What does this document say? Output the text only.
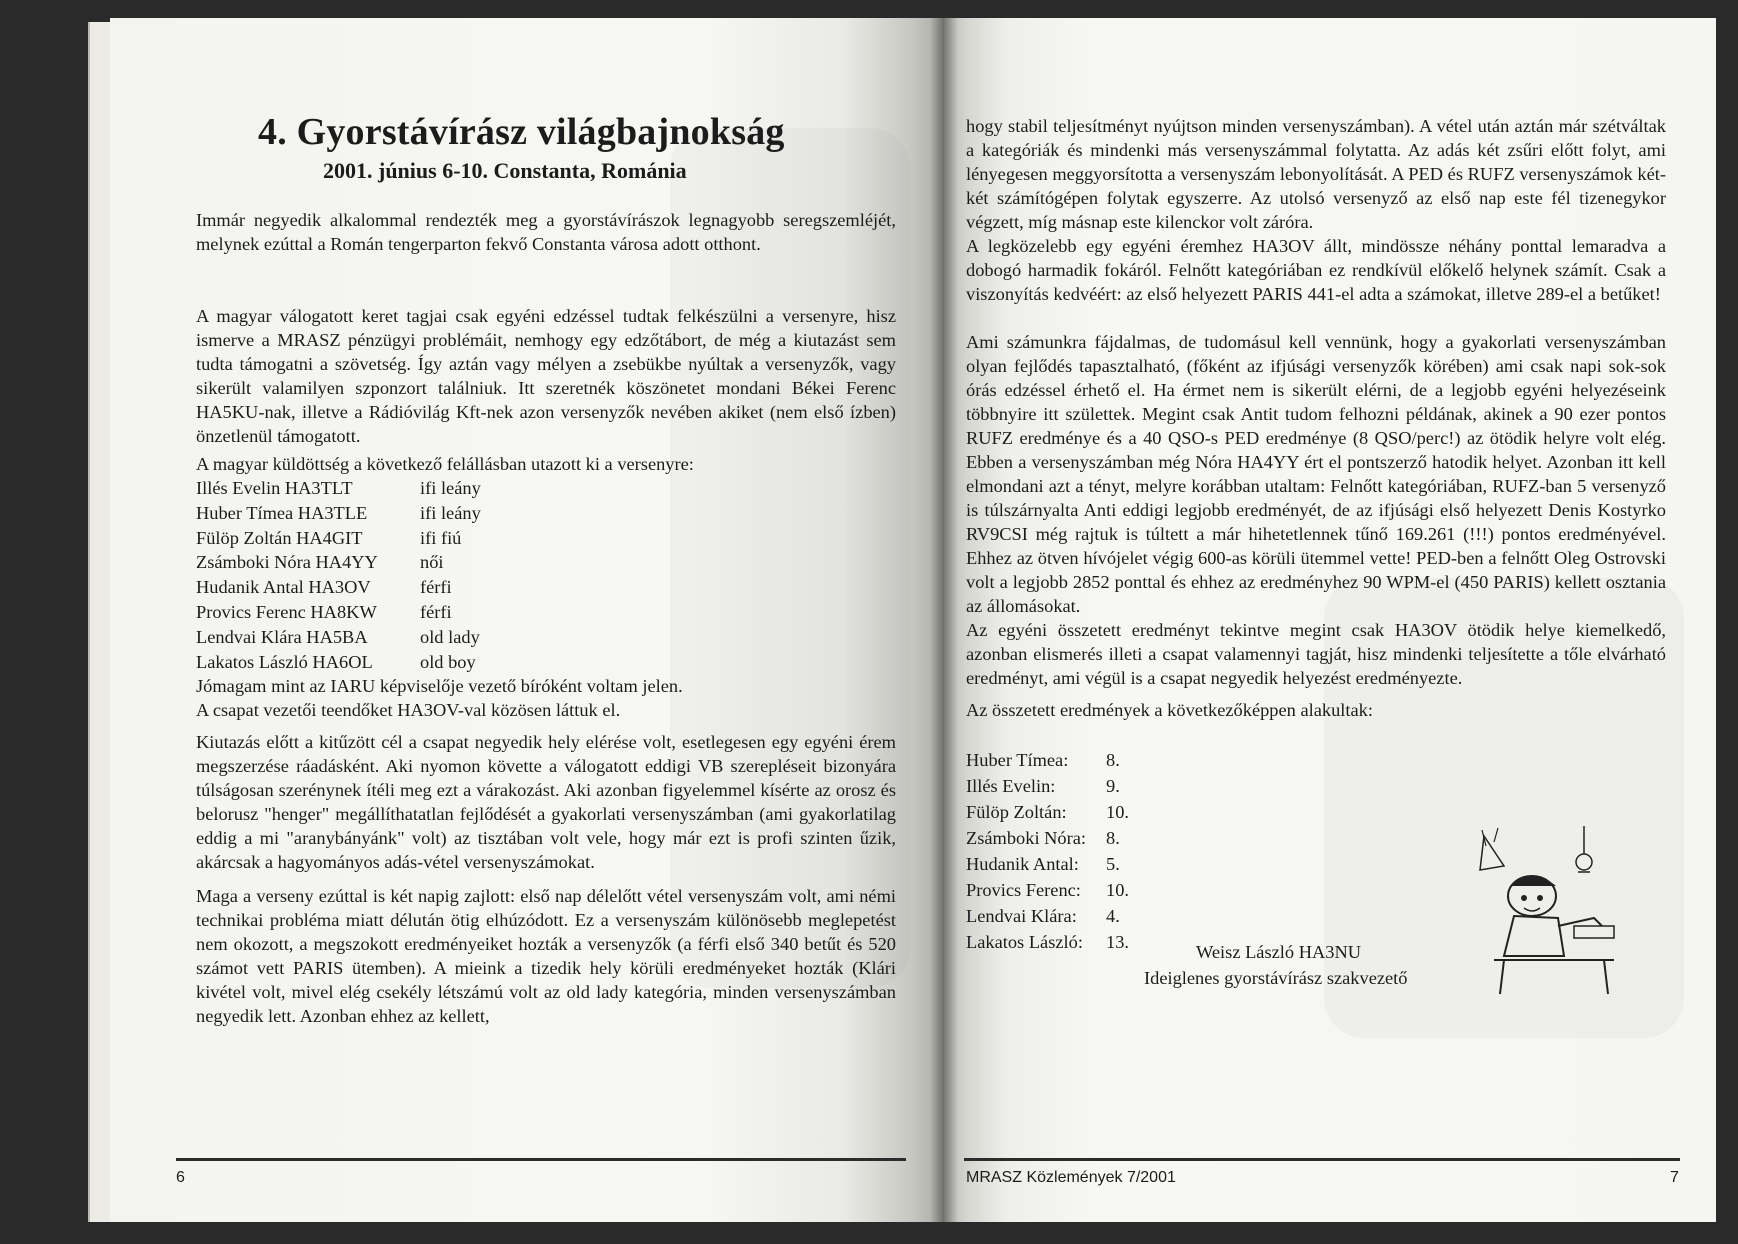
4. Gyorstávírász világbajnokság
2001. június 6-10. Constanta, Románia

Immár negyedik alkalommal rendezték meg a gyorstávírászok legnagyobb seregszemléjét, melynek ezúttal a Román tengerparton fekvő Constanta városa adott otthont.

A magyar válogatott keret tagjai csak egyéni edzéssel tudtak felkészülni a versenyre, hisz ismerve a MRASZ pénzügyi problémáit, nemhogy egy edzőtábort, de még a kiutazást sem tudta támogatni a szövetség. Így aztán vagy mélyen a zsebükbe nyúltak a versenyzők, vagy sikerült valamilyen szponzort találniuk. Itt szeretnék köszönetet mondani Békei Ferenc HA5KU-nak, illetve a Rádióvilág Kft-nek azon versenyzők nevében akiket (nem első ízben) önzetlenül támogatott.

A magyar küldöttség a következő felállásban utazott ki a versenyre:
Illés Evelin HA3TLT	ifi leány
Huber Tímea HA3TLE	ifi leány
Fülöp Zoltán HA4GIT	ifi fiú
Zsámboki Nóra HA4YY női
Hudanik Antal HA3OV	férfi
Provics Ferenc HA8KW férfi
Lendvai Klára HA5BA	old lady
Lakatos László HA6OL	old boy
Jómagam mint az IARU képviselője vezető bíróként voltam jelen.
A csapat vezetői teendőket HA3OV-val közösen láttuk el.

Kiutazás előtt a kitűzött cél a csapat negyedik hely elérése volt, esetlegesen egy egyéni érem megszerzése ráadásként. Aki nyomon követte a válogatott eddigi VB szerepléseit bizonyára túlságosan szerénynek ítéli meg ezt a várakozást. Aki azonban figyelemmel kísérte az orosz és belorusz "henger" megállíthatatlan fejlődését a gyakorlati versenyszámban (ami gyakorlatilag eddig a mi "aranybányánk" volt) az tisztában volt vele, hogy már ezt is profi szinten űzik, akárcsak a hagyományos adás-vétel versenyszámokat.

Maga a verseny ezúttal is két napig zajlott: első nap délelőtt vétel versenyszám volt, ami némi technikai probléma miatt délután ötig elhúzódott. Ez a versenyszám különösebb meglepetést nem okozott, a megszokott eredményeiket hozták a versenyzők (a férfi első 340 betűt és 520 számot vett PARIS ütemben). A mieink a tizedik hely körüli eredményeket hozták (Klári kivétel volt, mivel elég csekély létszámú volt az old lady kategória, minden versenyszámban negyedik lett. Azonban ehhez az kellett,

6

hogy stabil teljesítményt nyújtson minden versenyszámban). A vétel után aztán már szétváltak a kategóriák és mindenki más versenyszámmal folytatta. Az adás két zsűri előtt folyt, ami lényegesen meggyorsította a versenyszám lebonyolítását. A PED és RUFZ versenyszámok két-két számítógépen folytak egyszerre. Az utolsó versenyző az első nap este fél tizenegykor végzett, míg másnap este kilenckor volt záróra.

A legközelebb egy egyéni éremhez HA3OV állt, mindössze néhány ponttal lemaradva a dobogó harmadik fokáról. Felnőtt kategóriában ez rendkívül előkelő helynek számít. Csak a viszonyítás kedvéért: az első helyezett PARIS 441-el adta a számokat, illetve 289-el a betűket!

Ami számunkra fájdalmas, de tudomásul kell vennünk, hogy a gyakorlati versenyszámban olyan fejlődés tapasztalható, (főként az ifjúsági versenyzők körében) ami csak napi sok-sok órás edzéssel érhető el. Ha érmet nem is sikerült elérni, de a legjobb egyéni helyezéseink többnyire itt születtek. Megint csak Antit tudom felhozni példának, akinek a 90 ezer pontos RUFZ eredménye és a 40 QSO-s PED eredménye (8 QSO/perc!) az ötödik helyre volt elég. Ebben a versenyszámban még Nóra HA4YY ért el pontszerző hatodik helyet. Azonban itt kell elmondani azt a tényt, melyre korábban utaltam: Felnőtt kategóriában, RUFZ-ban 5 versenyző is túlszárnyalta Anti eddigi legjobb eredményét, de az ifjúsági első helyezett Denis Kostyrko RV9CSI még rajtuk is túltett a már hihetetlennek tűnő 169.261 (!!!) pontos eredményével. Ehhez az ötven hívójelet végig 600-as körüli ütemmel vette! PED-ben a felnőtt Oleg Ostrovski volt a legjobb 2852 ponttal és ehhez az eredményhez 90 WPM-el (450 PARIS) kellett osztania az állomásokat.

Az egyéni összetett eredményt tekintve megint csak HA3OV ötödik helye kiemelkedő, azonban elismerés illeti a csapat valamennyi tagját, hisz mindenki teljesítette a tőle elvárható eredményt, ami végül is a csapat negyedik helyezést eredményezte.

Az összetett eredmények a következőképpen alakultak:
Huber Tímea: 8.
Illés Evelin:	9.
Fülöp Zoltán: 10.
Zsámboki Nóra: 8.
Hudanik Antal: 5.
Provics Ferenc: 10.
Lendvai Klára: 4.
Lakatos László: 13.	Weisz László HA3NU
Ideiglenes gyorstávírász szakvezető
MRASZ Közlemények 7/2001	7
